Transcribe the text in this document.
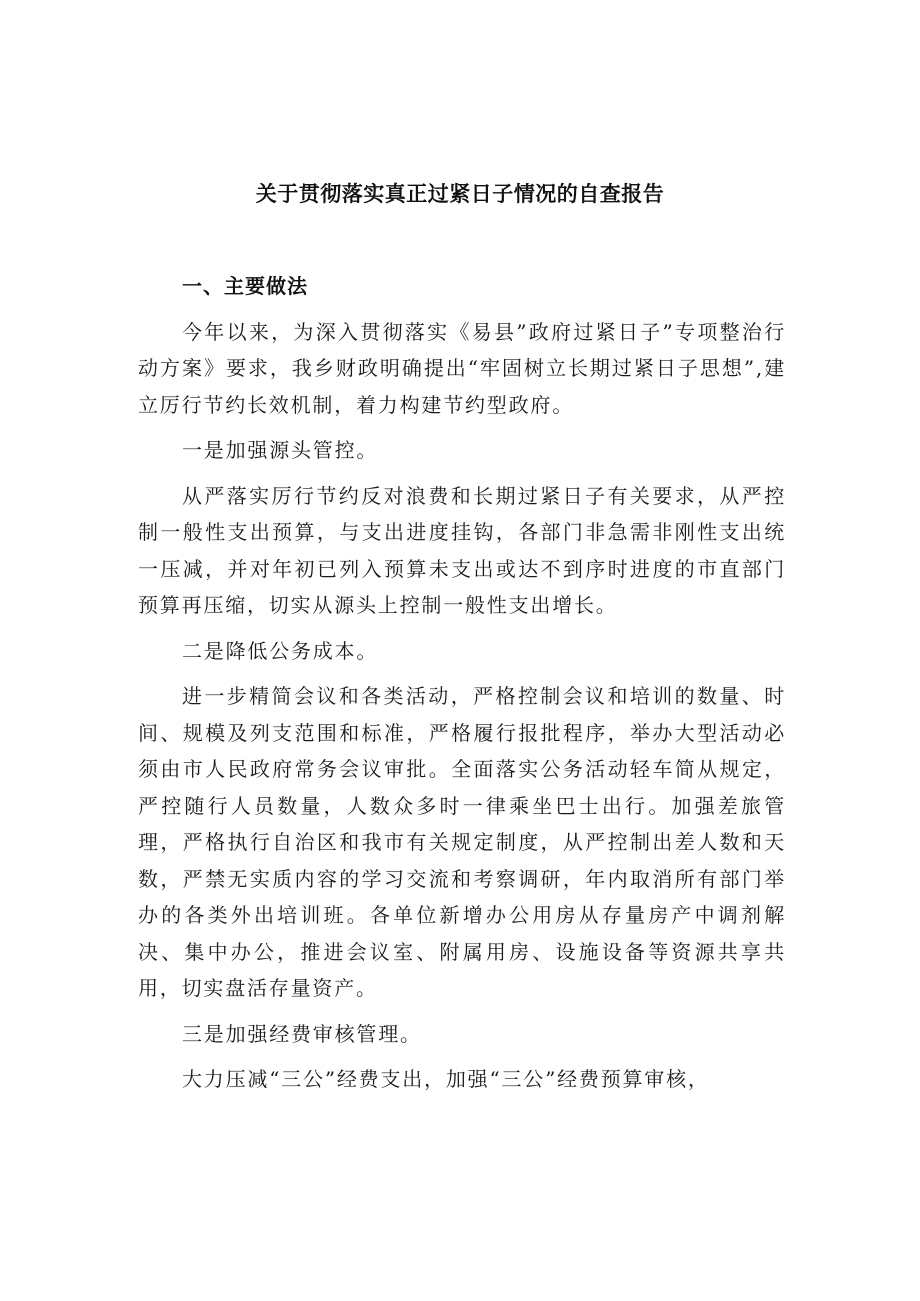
关于贯彻落实真正过紧日子情况的自查报告
一、主要做法

今年以来，为深入贯彻落实《易县”政府过紧日子”专项整治行动方案》要求，我乡财政明确提出“牢固树立长期过紧日子思想”,建立厉行节约长效机制，着力构建节约型政府。

一是加强源头管控。

从严落实厉行节约反对浪费和长期过紧日子有关要求，从严控制一般性支出预算，与支出进度挂钩，各部门非急需非刚性支出统一压减，并对年初已列入预算未支出或达不到序时进度的市直部门预算再压缩，切实从源头上控制一般性支出增长。

二是降低公务成本。

进一步精简会议和各类活动，严格控制会议和培训的数量、时间、规模及列支范围和标准，严格履行报批程序，举办大型活动必须由市人民政府常务会议审批。全面落实公务活动轻车简从规定，严控随行人员数量，人数众多时一律乘坐巴士出行。加强差旅管理，严格执行自治区和我市有关规定制度，从严控制出差人数和天数，严禁无实质内容的学习交流和考察调研，年内取消所有部门举办的各类外出培训班。各单位新增办公用房从存量房产中调剂解决、集中办公，推进会议室、附属用房、设施设备等资源共享共用，切实盘活存量资产。

三是加强经费审核管理。

大力压减“三公”经费支出，加强“三公”经费预算审核，
